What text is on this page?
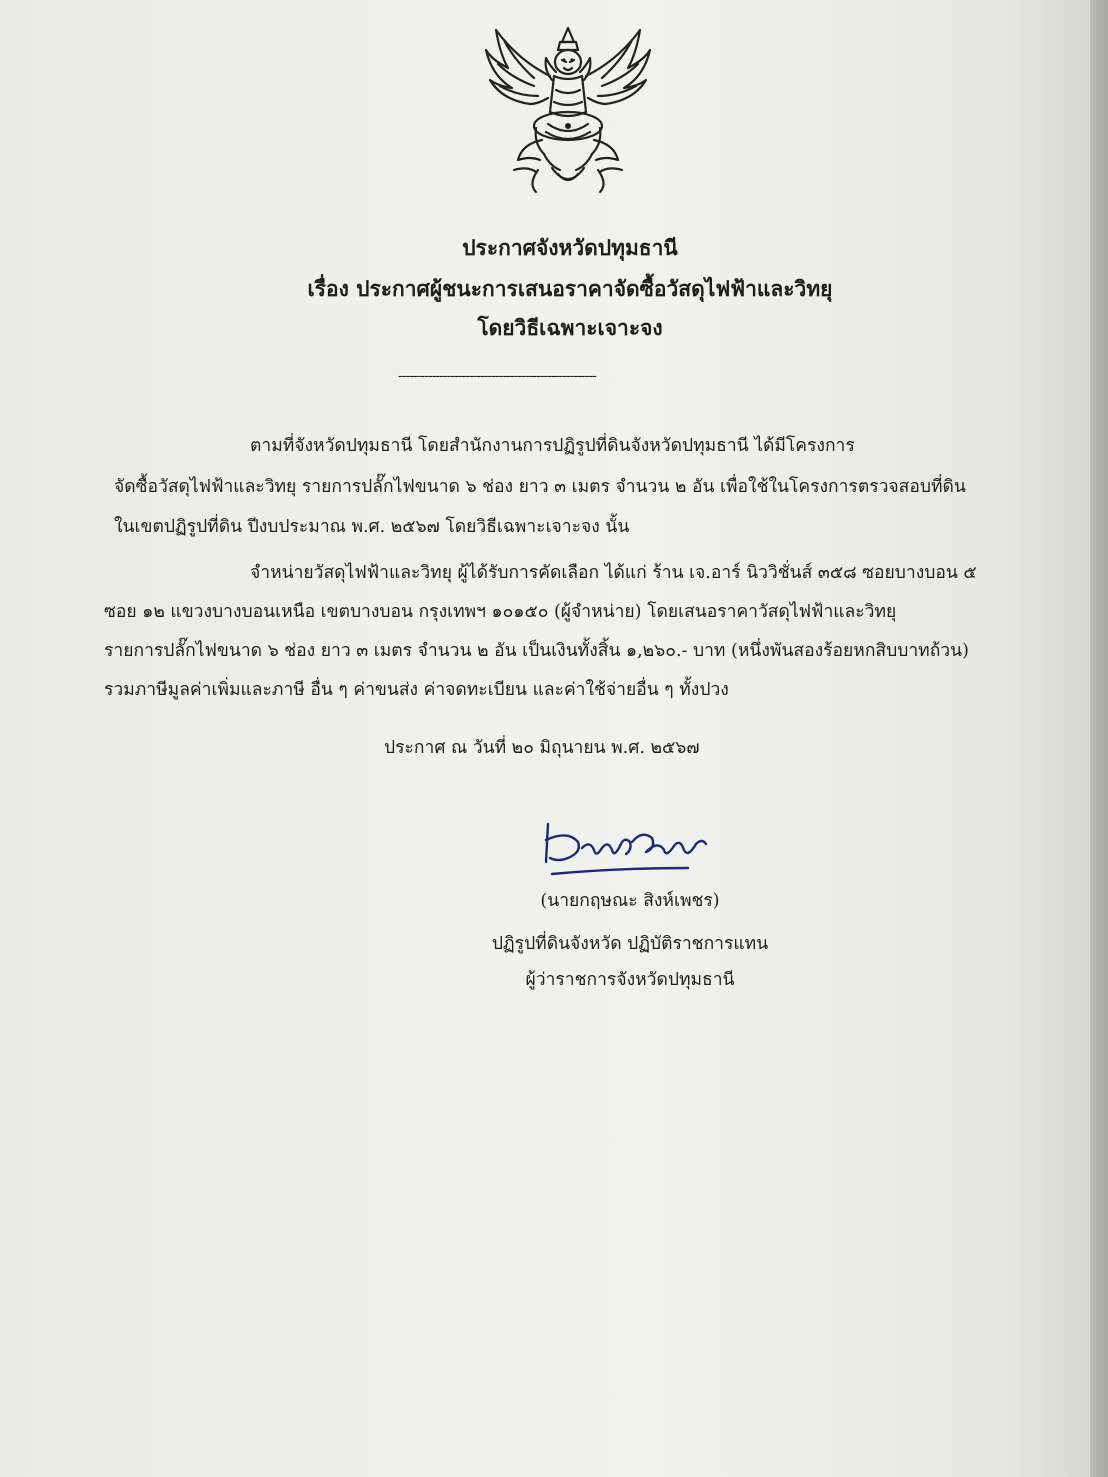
ประกาศจังหวัดปทุมธานี
เรื่อง ประกาศผู้ชนะการเสนอราคาจัดซื้อวัสดุไฟฟ้าและวิทยุ
โดยวิธีเฉพาะเจาะจง
-----------------------------------------------------
ตามที่จังหวัดปทุมธานี โดยสำนักงานการปฏิรูปที่ดินจังหวัดปทุมธานี ได้มีโครงการ
จัดซื้อวัสดุไฟฟ้าและวิทยุ รายการปลั๊กไฟขนาด ๖ ช่อง ยาว ๓ เมตร จำนวน ๒ อัน เพื่อใช้ในโครงการตรวจสอบที่ดิน
ในเขตปฏิรูปที่ดิน ปีงบประมาณ พ.ศ. ๒๕๖๗ โดยวิธีเฉพาะเจาะจง นั้น
จำหน่ายวัสดุไฟฟ้าและวิทยุ ผู้ได้รับการคัดเลือก ได้แก่ ร้าน เจ.อาร์ นิววิชั่นส์ ๓๕๘ ซอยบางบอน ๕
ซอย ๑๒ แขวงบางบอนเหนือ เขตบางบอน กรุงเทพฯ ๑๐๑๕๐ (ผู้จำหน่าย) โดยเสนอราคาวัสดุไฟฟ้าและวิทยุ
รายการปลั๊กไฟขนาด ๖ ช่อง ยาว ๓ เมตร จำนวน ๒ อัน เป็นเงินทั้งสิ้น ๑,๒๖๐.- บาท (หนึ่งพันสองร้อยหกสิบบาทถ้วน)
รวมภาษีมูลค่าเพิ่มและภาษี อื่น ๆ ค่าขนส่ง ค่าจดทะเบียน และค่าใช้จ่ายอื่น ๆ ทั้งปวง
ประกาศ ณ วันที่ ๒๐ มิถุนายน พ.ศ. ๒๕๖๗
(นายกฤษณะ สิงห์เพชร)
ปฏิรูปที่ดินจังหวัด ปฏิบัติราชการแทน
ผู้ว่าราชการจังหวัดปทุมธานี
